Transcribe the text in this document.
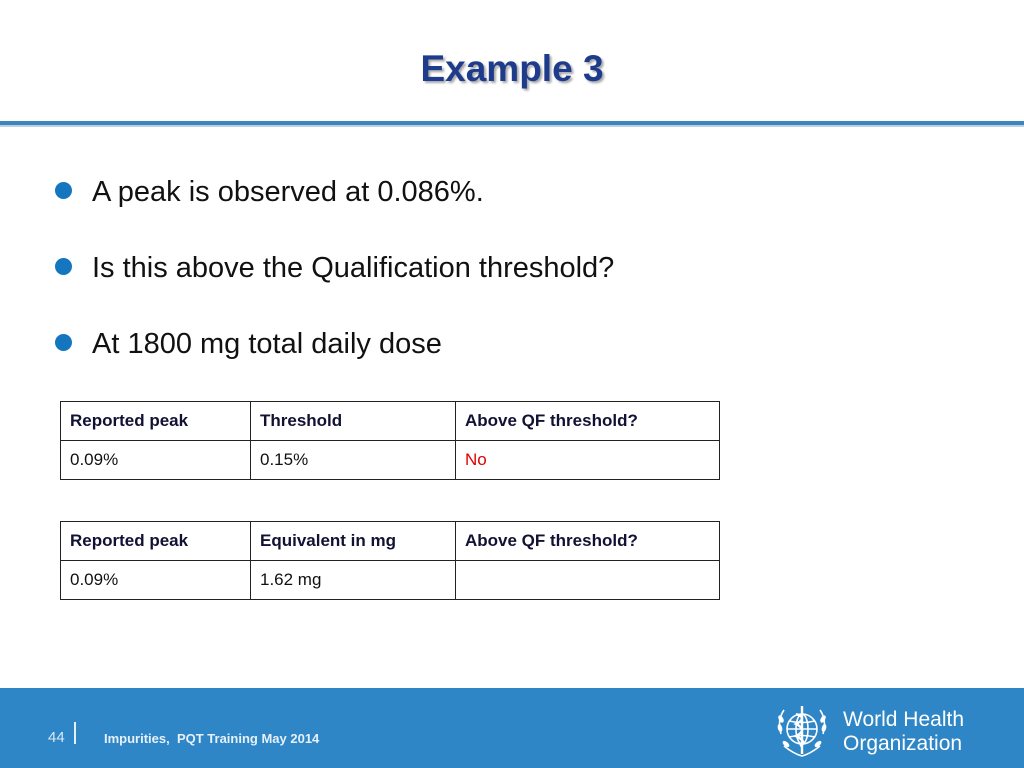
Example 3
A peak is observed at 0.086%.
Is this above the Qualification threshold?
At 1800 mg total daily dose
Reported peak	Threshold	Above QF threshold?
0.09%	0.15%	No
Reported peak	Equivalent in mg	Above QF threshold?
0.09%	1.62 mg	
44	Impurities,  PQT Training May 2014
World Health
Organization
